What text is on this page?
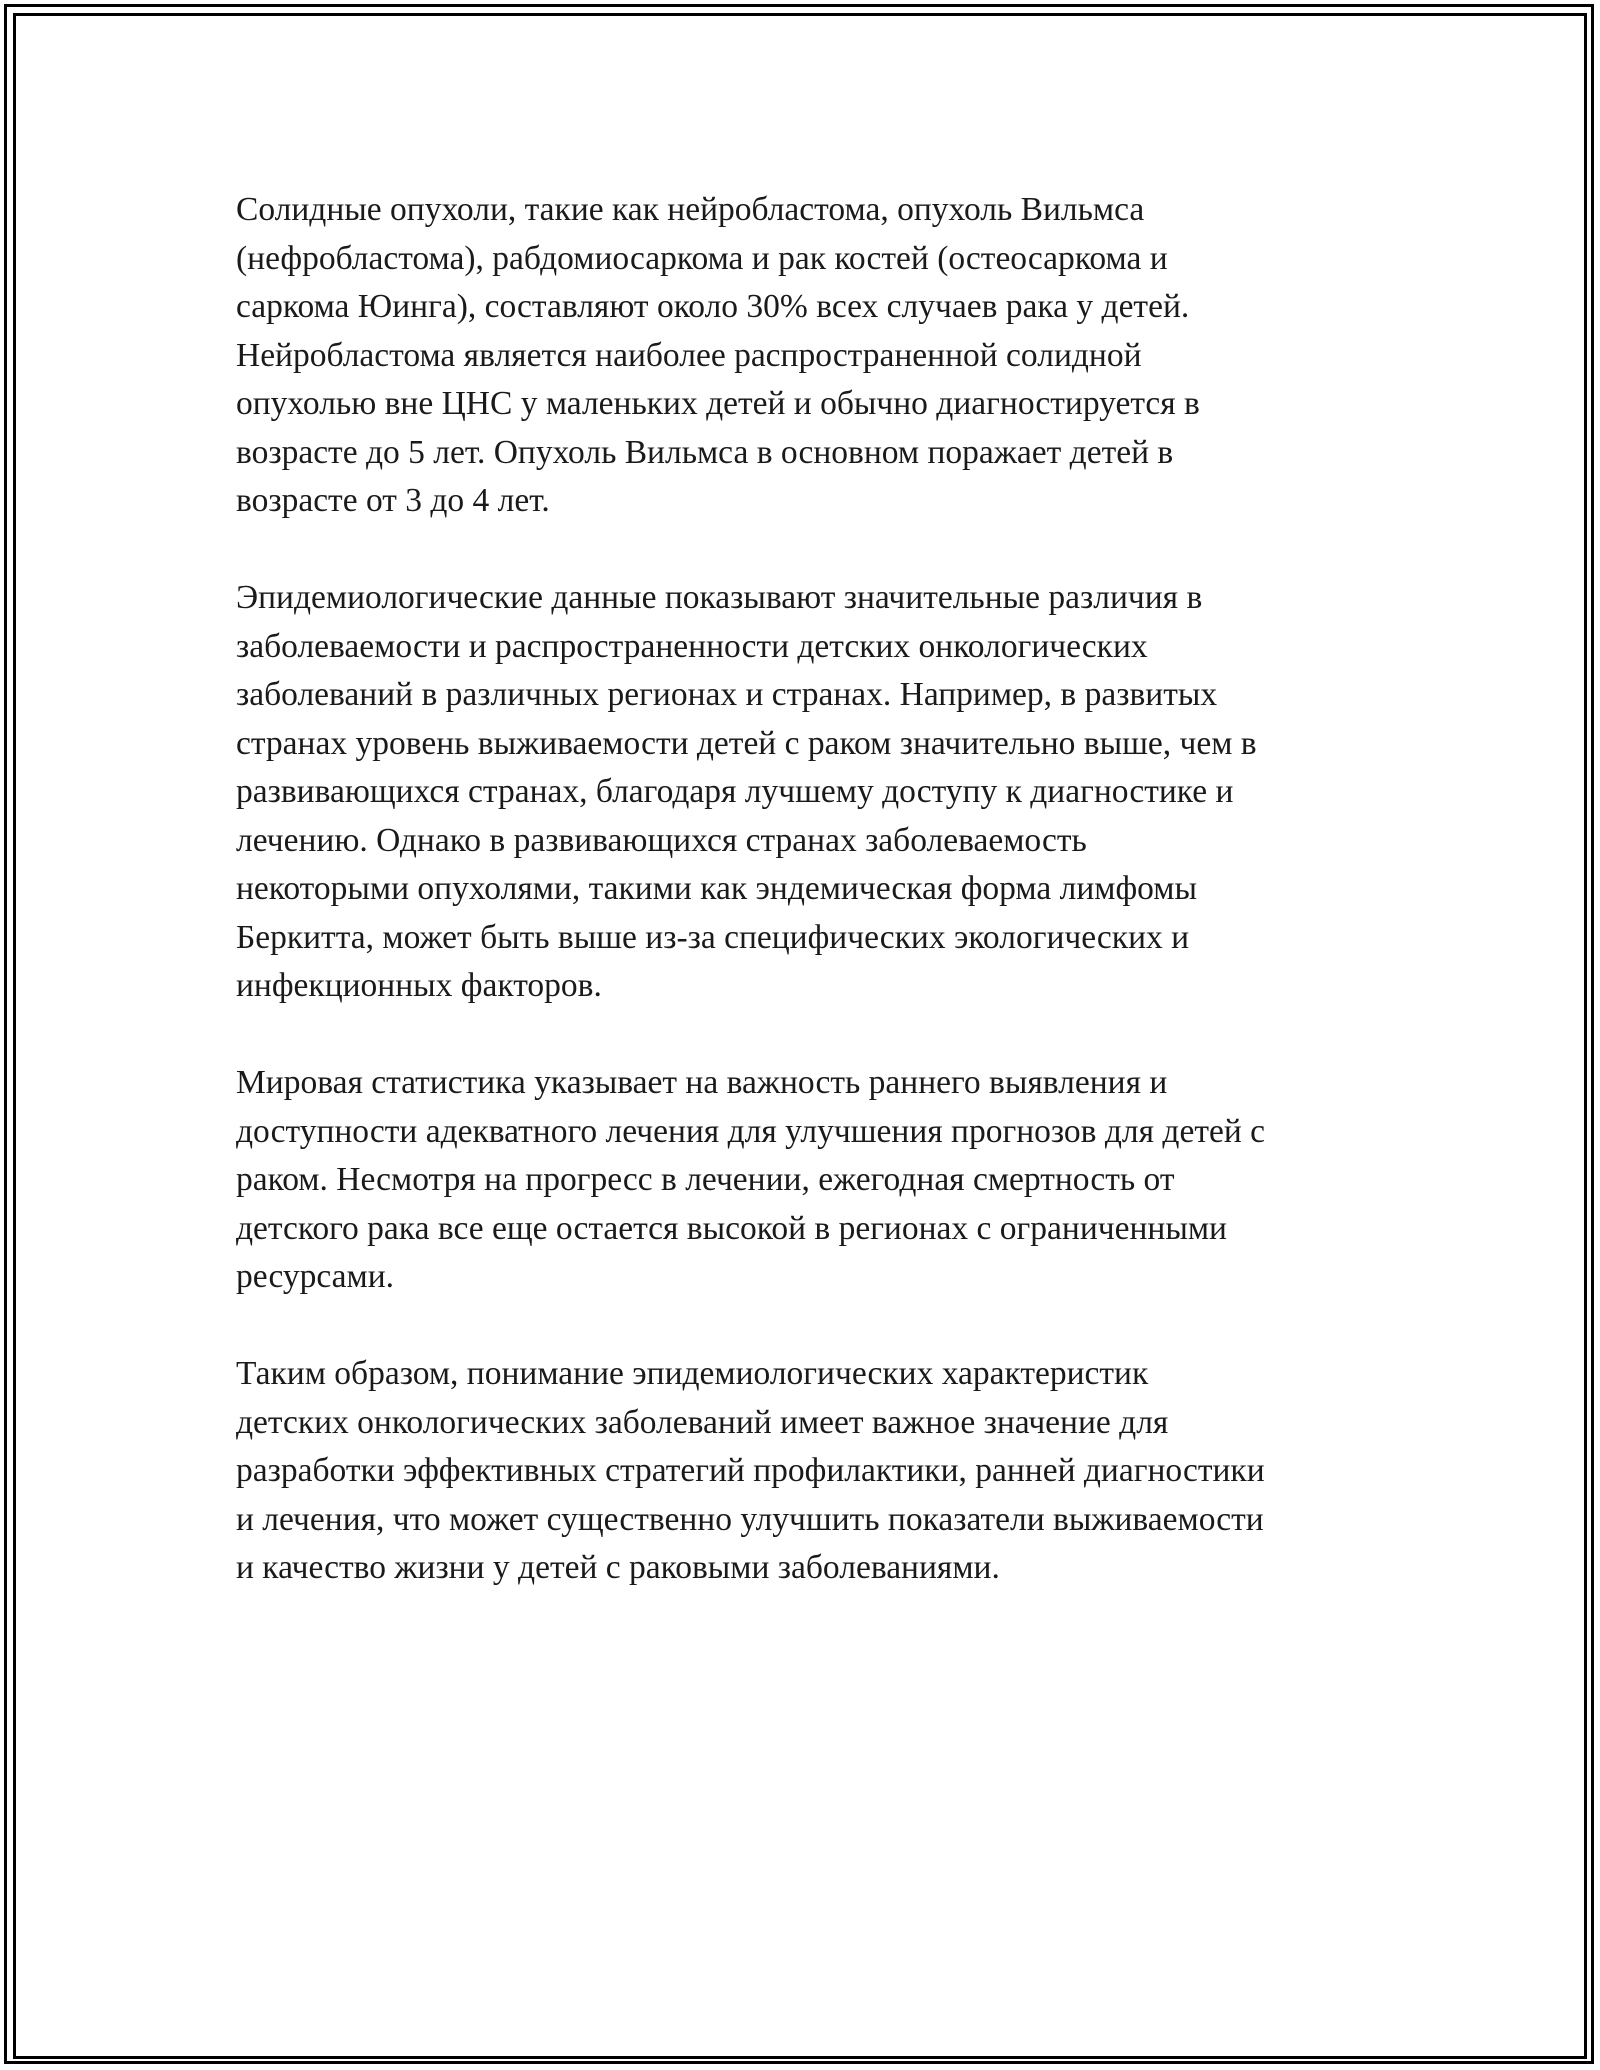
Солидные опухоли, такие как нейробластома, опухоль Вильмса
(нефробластома), рабдомиосаркома и рак костей (остеосаркома и
саркома Юинга), составляют около 30% всех случаев рака у детей.
Нейробластома является наиболее распространенной солидной
опухолью вне ЦНС у маленьких детей и обычно диагностируется в
возрасте до 5 лет. Опухоль Вильмса в основном поражает детей в
возрасте от 3 до 4 лет.

Эпидемиологические данные показывают значительные различия в
заболеваемости и распространенности детских онкологических
заболеваний в различных регионах и странах. Например, в развитых
странах уровень выживаемости детей с раком значительно выше, чем в
развивающихся странах, благодаря лучшему доступу к диагностике и
лечению. Однако в развивающихся странах заболеваемость
некоторыми опухолями, такими как эндемическая форма лимфомы
Беркитта, может быть выше из-за специфических экологических и
инфекционных факторов.

Мировая статистика указывает на важность раннего выявления и
доступности адекватного лечения для улучшения прогнозов для детей с
раком. Несмотря на прогресс в лечении, ежегодная смертность от
детского рака все еще остается высокой в регионах с ограниченными
ресурсами.

Таким образом, понимание эпидемиологических характеристик
детских онкологических заболеваний имеет важное значение для
разработки эффективных стратегий профилактики, ранней диагностики
и лечения, что может существенно улучшить показатели выживаемости
и качество жизни у детей с раковыми заболеваниями.
